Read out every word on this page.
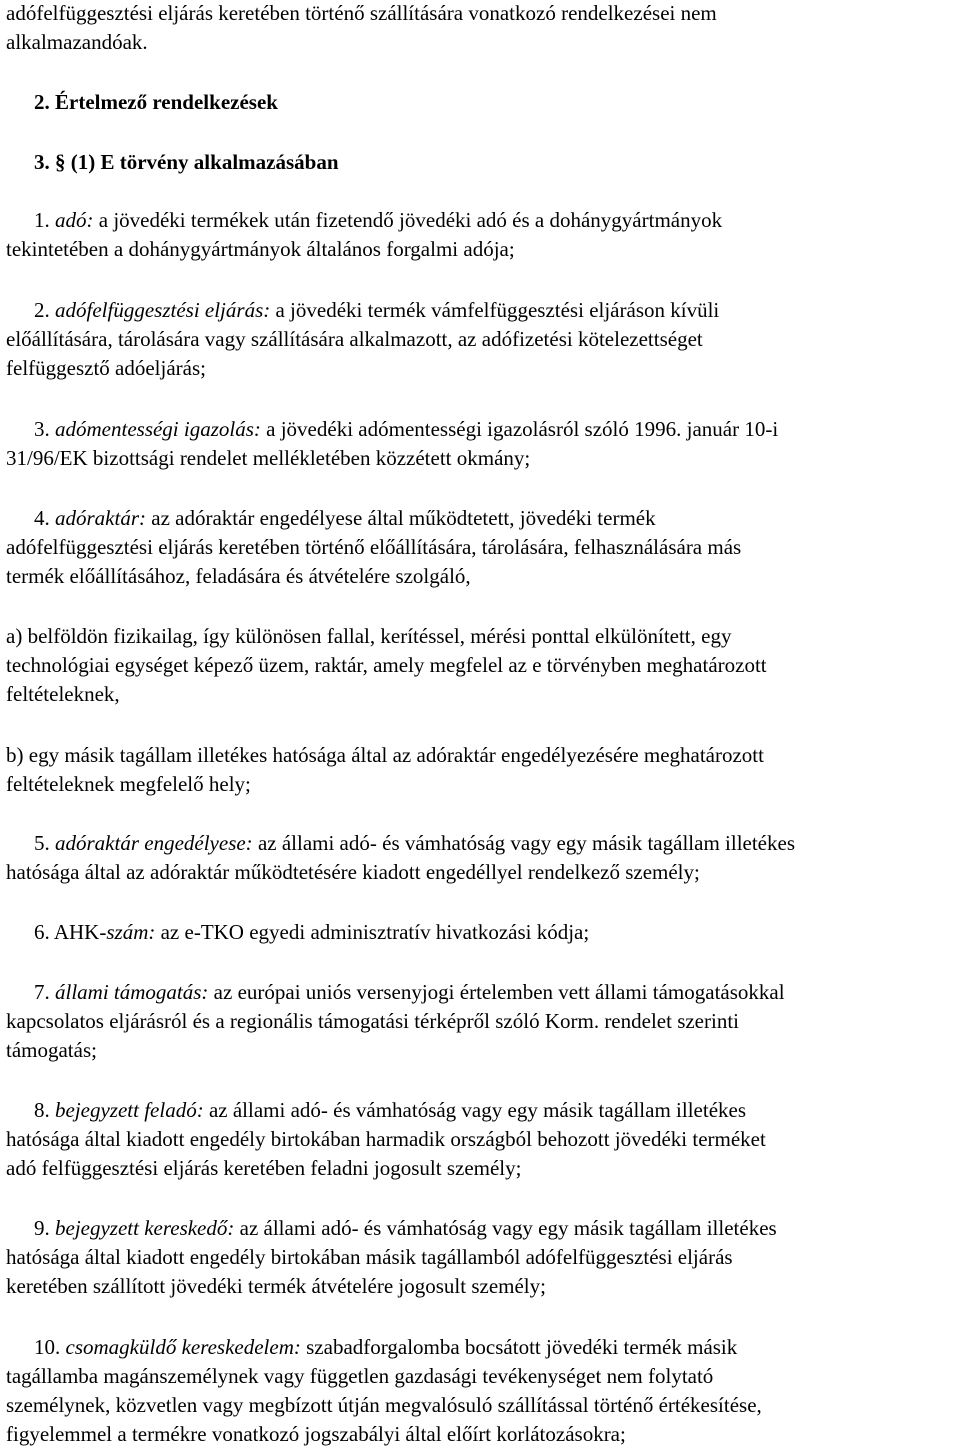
adófelfüggesztési eljárás keretében történő szállítására vonatkozó rendelkezései nem
alkalmazandóak.
2. Értelmező rendelkezések
3. § (1) E törvény alkalmazásában
1. adó: a jövedéki termékek után fizetendő jövedéki adó és a dohánygyártmányok
tekintetében a dohánygyártmányok általános forgalmi adója;
2. adófelfüggesztési eljárás: a jövedéki termék vámfelfüggesztési eljáráson kívüli
előállítására, tárolására vagy szállítására alkalmazott, az adófizetési kötelezettséget
felfüggesztő adóeljárás;
3. adómentességi igazolás: a jövedéki adómentességi igazolásról szóló 1996. január 10-i
31/96/EK bizottsági rendelet mellékletében közzétett okmány;
4. adóraktár: az adóraktár engedélyese által működtetett, jövedéki termék
adófelfüggesztési eljárás keretében történő előállítására, tárolására, felhasználására más
termék előállításához, feladására és átvételére szolgáló,
a) belföldön fizikailag, így különösen fallal, kerítéssel, mérési ponttal elkülönített, egy
technológiai egységet képező üzem, raktár, amely megfelel az e törvényben meghatározott
feltételeknek,
b) egy másik tagállam illetékes hatósága által az adóraktár engedélyezésére meghatározott
feltételeknek megfelelő hely;
5. adóraktár engedélyese: az állami adó- és vámhatóság vagy egy másik tagállam illetékes
hatósága által az adóraktár működtetésére kiadott engedéllyel rendelkező személy;
6. AHK-szám: az e-TKO egyedi adminisztratív hivatkozási kódja;
7. állami támogatás: az európai uniós versenyjogi értelemben vett állami támogatásokkal
kapcsolatos eljárásról és a regionális támogatási térképről szóló Korm. rendelet szerinti
támogatás;
8. bejegyzett feladó: az állami adó- és vámhatóság vagy egy másik tagállam illetékes
hatósága által kiadott engedély birtokában harmadik országból behozott jövedéki terméket
adó felfüggesztési eljárás keretében feladni jogosult személy;
9. bejegyzett kereskedő: az állami adó- és vámhatóság vagy egy másik tagállam illetékes
hatósága által kiadott engedély birtokában másik tagállamból adófelfüggesztési eljárás
keretében szállított jövedéki termék átvételére jogosult személy;
10. csomagküldő kereskedelem: szabadforgalomba bocsátott jövedéki termék másik
tagállamba magánszemélynek vagy független gazdasági tevékenységet nem folytató
személynek, közvetlen vagy megbízott útján megvalósuló szállítással történő értékesítése,
figyelemmel a termékre vonatkozó jogszabályi által előírt korlátozásokra;
